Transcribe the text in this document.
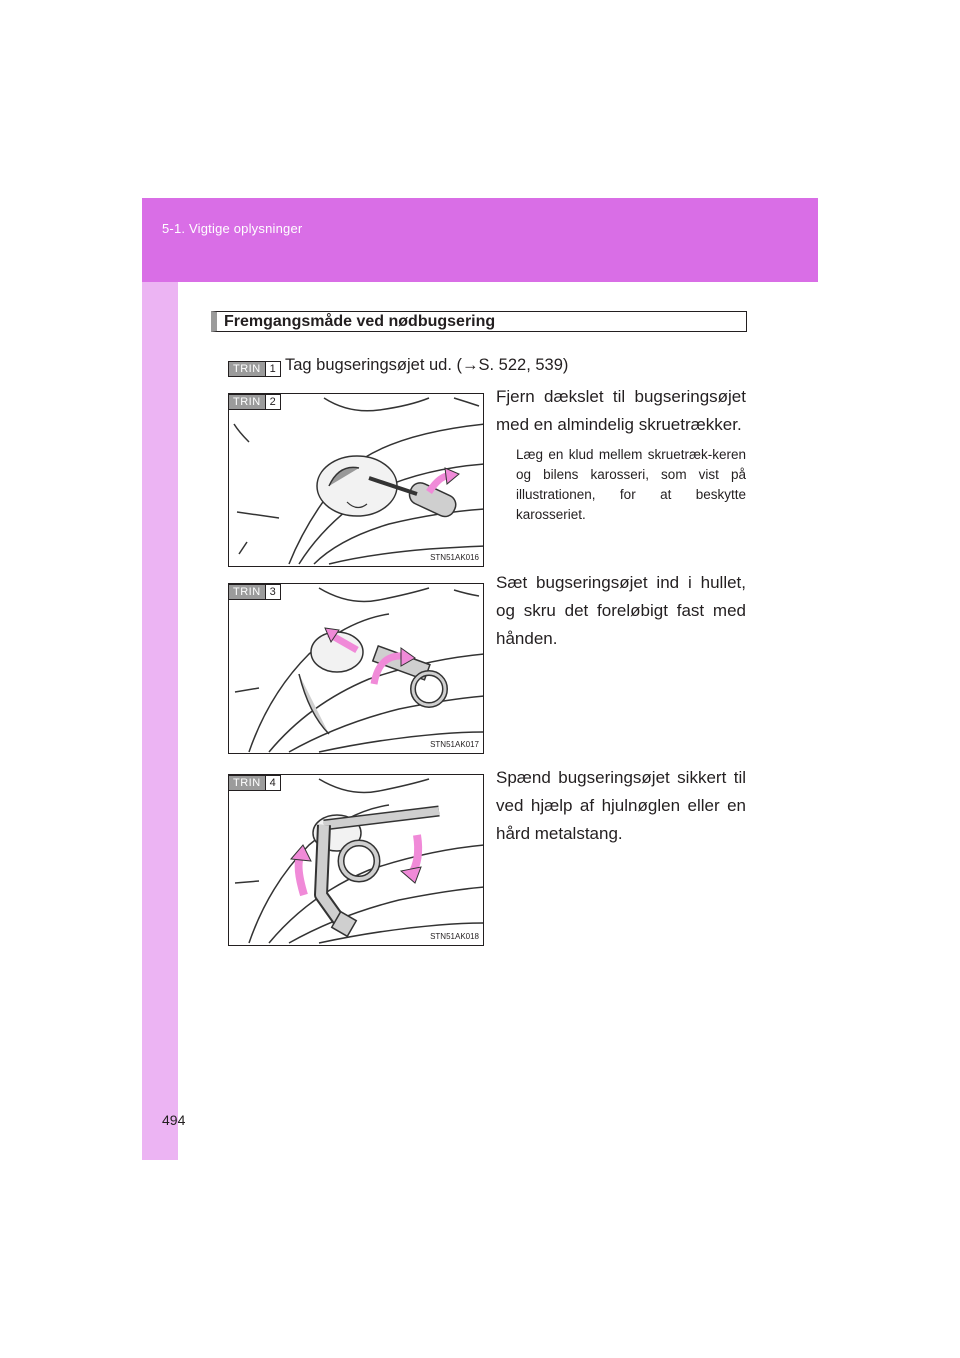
5-1. Vigtige oplysninger
494
Fremgangsmåde ved nødbugsering
TRIN 1 Tag bugseringsøjet ud. (→S. 522, 539)
STN51AK016
TRIN 2	Fjern dækslet til bugseringsøjet med en almindelig skruetrækker.
Læg en klud mellem skruetræk-keren og bilens karosseri, som vist på illustrationen, for at beskytte karosseriet.
STN51AK017
TRIN 3	Sæt bugseringsøjet ind i hullet, og skru det foreløbigt fast med hånden.
STN51AK018
TRIN 4	Spænd bugseringsøjet sikkert til ved hjælp af hjulnøglen eller en hård metalstang.
